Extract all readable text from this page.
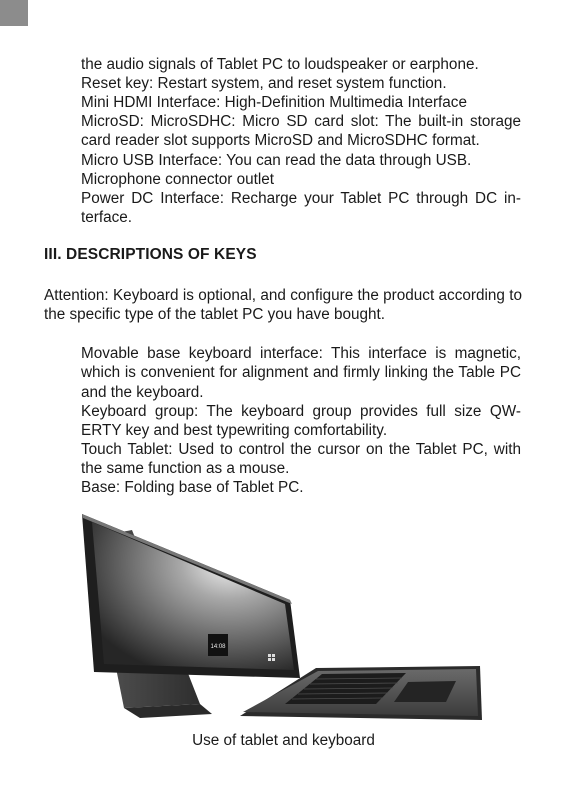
the audio signals of Tablet PC to loudspeaker or earphone.

Reset key: Restart system, and reset system function.

Mini HDMI Interface: High-Definition Multimedia Interface

MicroSD: MicroSDHC: Micro SD card slot: The built-in storage card reader slot supports MicroSD and MicroSDHC format.

Micro USB Interface: You can read the data through USB.

Microphone connector outlet

Power DC Interface: Recharge your Tablet PC through DC in-terface.

III. DESCRIPTIONS OF KEYS

Attention: Keyboard is optional, and configure the product according to the specific type of the tablet PC you have bought.

Movable base keyboard interface: This interface is magnetic, which is convenient for alignment and firmly linking the Table PC and the keyboard.

Keyboard group: The keyboard group provides full size QW-ERTY key and best typewriting comfortability.

Touch Tablet: Used to control the cursor on the Tablet PC, with the same function as a mouse.

Base: Folding base of Tablet PC.

14:08

Use of tablet and keyboard
